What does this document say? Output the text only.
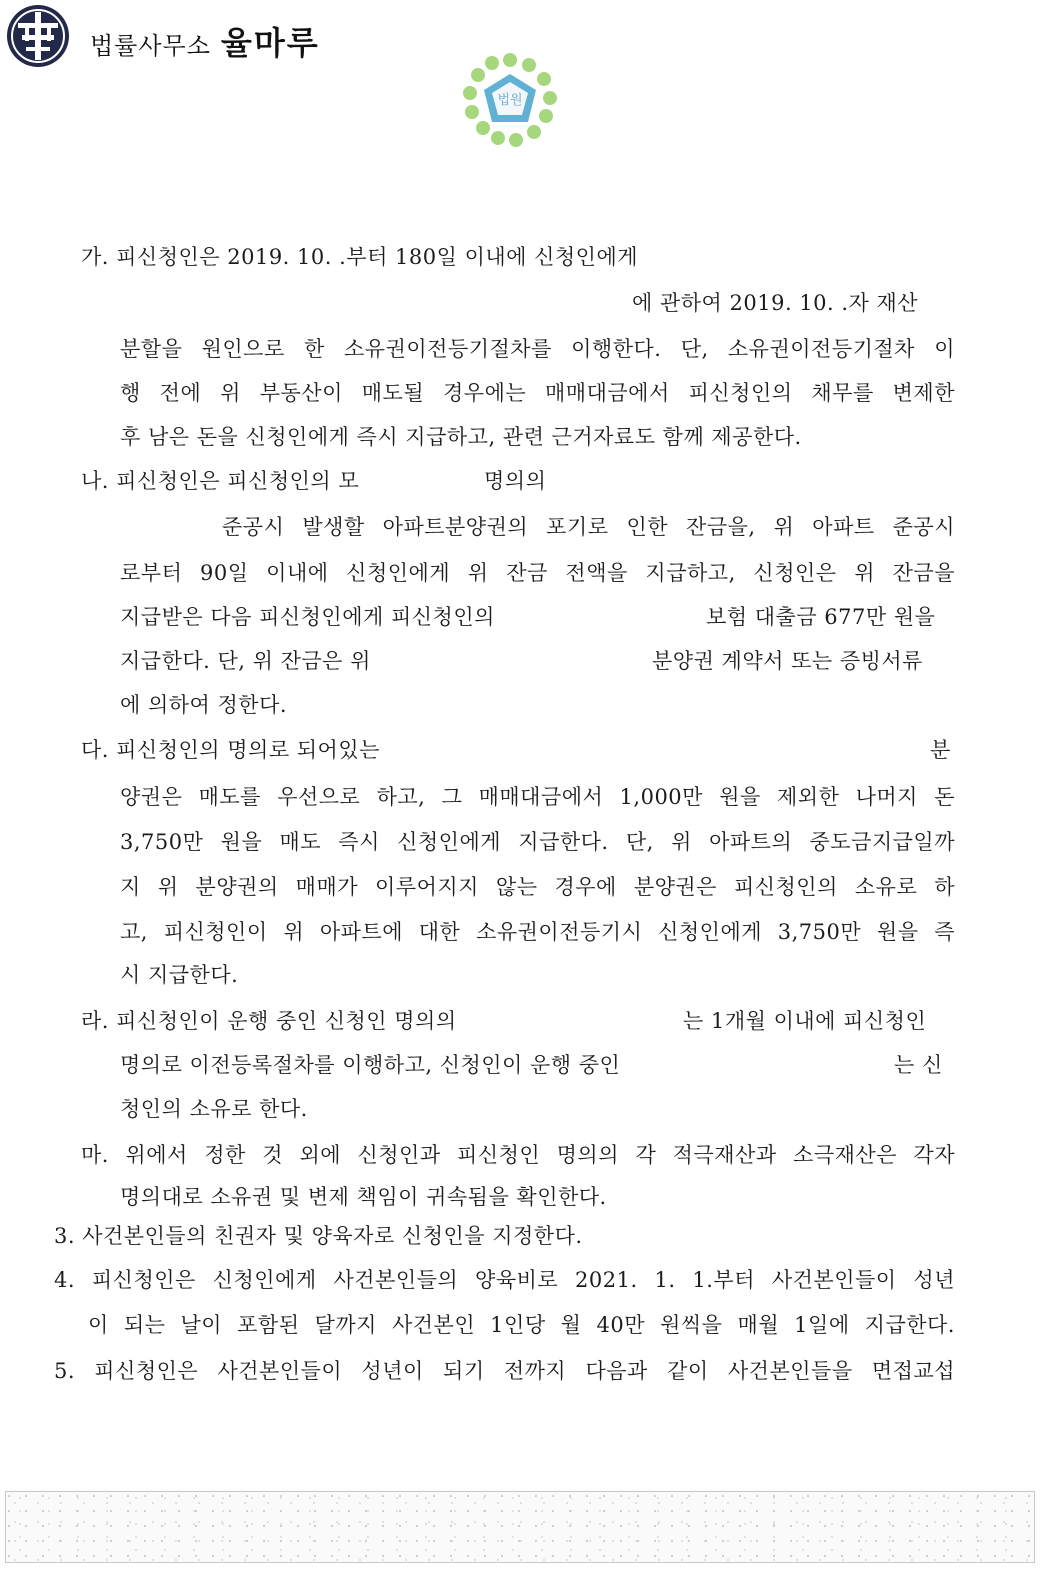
법률사무소 율마루
법원
가. 피신청인은 2019. 10. .부터 180일 이내에 신청인에게
에 관하여 2019. 10. .자 재산
분할을 원인으로 한 소유권이전등기절차를 이행한다. 단, 소유권이전등기절차 이
행 전에 위 부동산이 매도될 경우에는 매매대금에서 피신청인의 채무를 변제한
후 남은 돈을 신청인에게 즉시 지급하고, 관련 근거자료도 함께 제공한다.
나. 피신청인은 피신청인의 모	명의의
준공시 발생할 아파트분양권의 포기로 인한 잔금을, 위 아파트 준공시
로부터 90일 이내에 신청인에게 위 잔금 전액을 지급하고, 신청인은 위 잔금을
지급받은 다음 피신청인에게 피신청인의	보험 대출금 677만 원을
지급한다. 단, 위 잔금은 위	분양권 계약서 또는 증빙서류
에 의하여 정한다.
다. 피신청인의 명의로 되어있는	분
양권은 매도를 우선으로 하고, 그 매매대금에서 1,000만 원을 제외한 나머지 돈
3,750만 원을 매도 즉시 신청인에게 지급한다. 단, 위 아파트의 중도금지급일까
지 위 분양권의 매매가 이루어지지 않는 경우에 분양권은 피신청인의 소유로 하
고, 피신청인이 위 아파트에 대한 소유권이전등기시 신청인에게 3,750만 원을 즉
시 지급한다.
라. 피신청인이 운행 중인 신청인 명의의	는 1개월 이내에 피신청인
명의로 이전등록절차를 이행하고, 신청인이 운행 중인	는 신
청인의 소유로 한다.
마. 위에서 정한 것 외에 신청인과 피신청인 명의의 각 적극재산과 소극재산은 각자
명의대로 소유권 및 변제 책임이 귀속됨을 확인한다.
3. 사건본인들의 친권자 및 양육자로 신청인을 지정한다.
4. 피신청인은 신청인에게 사건본인들의 양육비로 2021. 1. 1.부터 사건본인들이 성년
이 되는 날이 포함된 달까지 사건본인 1인당 월 40만 원씩을 매월 1일에 지급한다.
5. 피신청인은 사건본인들이 성년이 되기 전까지 다음과 같이 사건본인들을 면접교섭
